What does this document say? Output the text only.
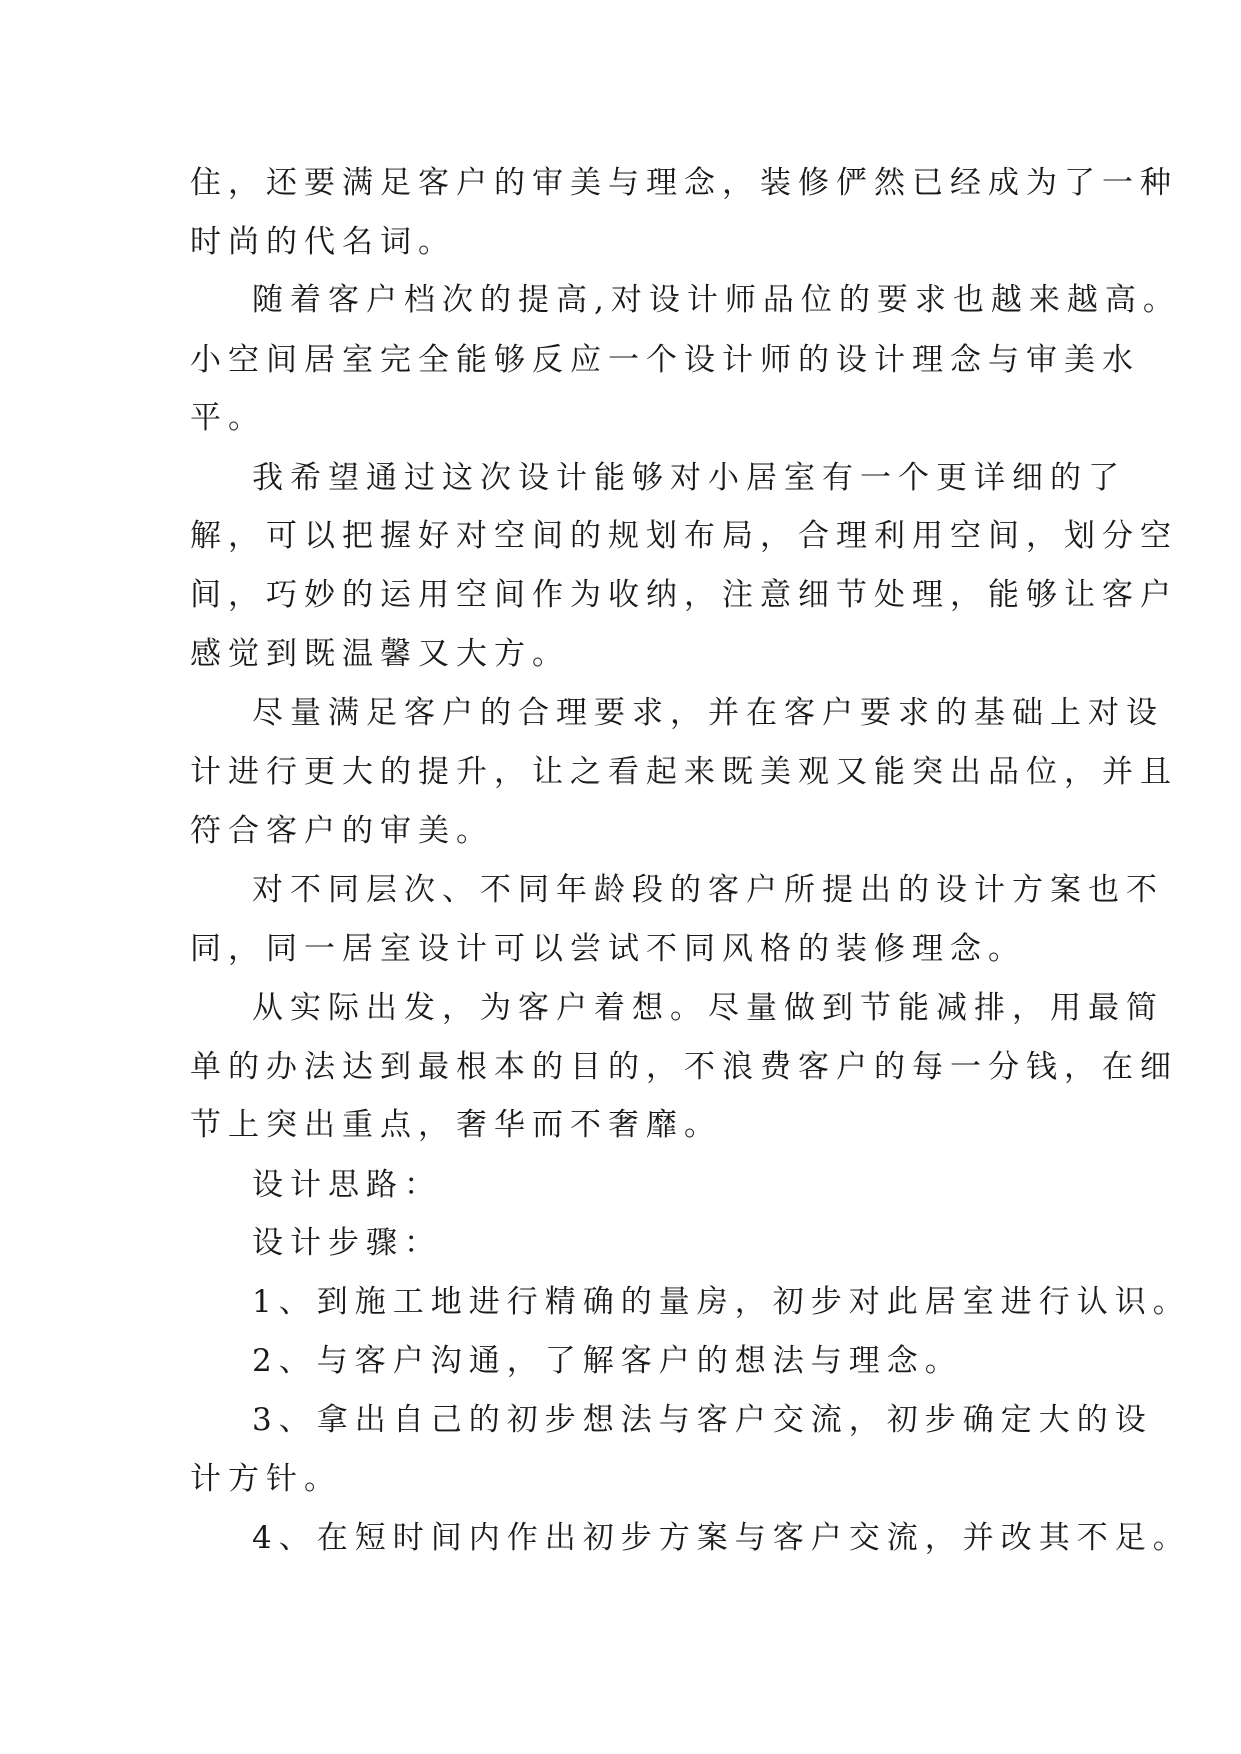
住，还要满足客户的审美与理念，装修俨然已经成为了一种
时尚的代名词。
随着客户档次的提高,对设计师品位的要求也越来越高。
小空间居室完全能够反应一个设计师的设计理念与审美水
平。
我希望通过这次设计能够对小居室有一个更详细的了
解，可以把握好对空间的规划布局，合理利用空间，划分空
间，巧妙的运用空间作为收纳，注意细节处理，能够让客户
感觉到既温馨又大方。
尽量满足客户的合理要求，并在客户要求的基础上对设
计进行更大的提升，让之看起来既美观又能突出品位，并且
符合客户的审美。
对不同层次、不同年龄段的客户所提出的设计方案也不
同，同一居室设计可以尝试不同风格的装修理念。
从实际出发，为客户着想。尽量做到节能减排，用最简
单的办法达到最根本的目的，不浪费客户的每一分钱，在细
节上突出重点，奢华而不奢靡。
设计思路：
设计步骤：
1、到施工地进行精确的量房，初步对此居室进行认识。
2、与客户沟通，了解客户的想法与理念。
3、拿出自己的初步想法与客户交流，初步确定大的设
计方针。
4、在短时间内作出初步方案与客户交流，并改其不足。
